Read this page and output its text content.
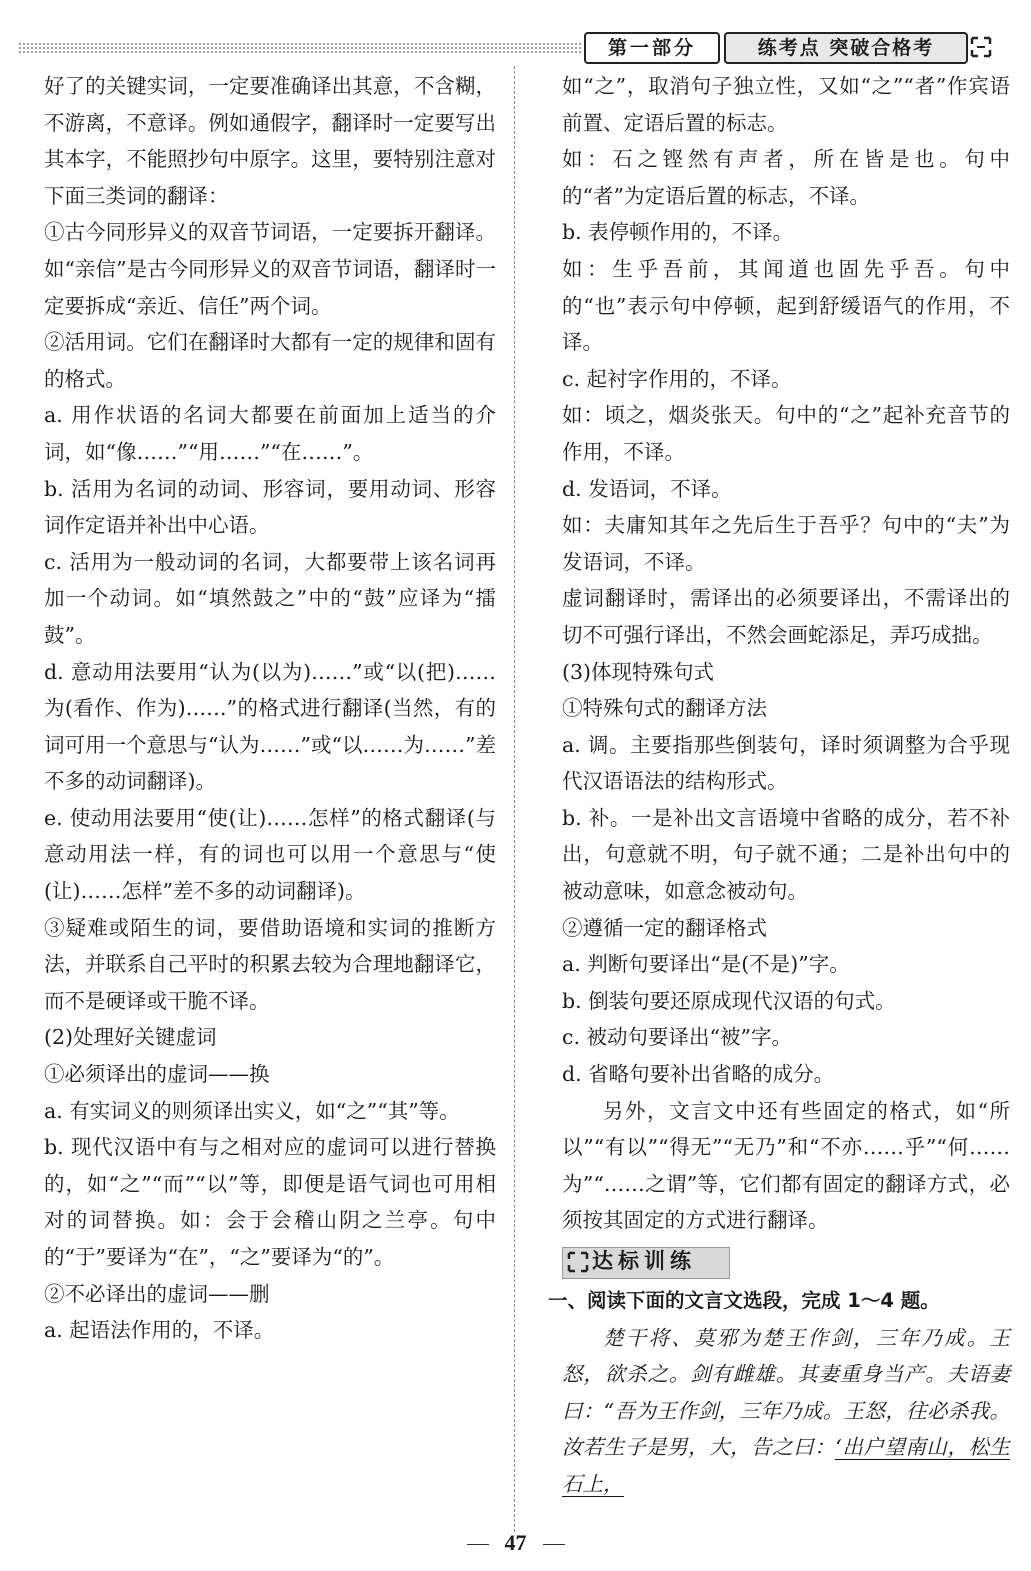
第一部分	练考点 突破合格考

好了的关键实词，一定要准确译出其意，不含糊，不游离，不意译。例如通假字，翻译时一定要写出其本字，不能照抄句中原字。这里，要特别注意对下面三类词的翻译：

①古今同形异义的双音节词语，一定要拆开翻译。如“亲信”是古今同形异义的双音节词语，翻译时一定要拆成“亲近、信任”两个词。

②活用词。它们在翻译时大都有一定的规律和固有的格式。

a. 用作状语的名词大都要在前面加上适当的介词，如“像……”“用……”“在……”。

b. 活用为名词的动词、形容词，要用动词、形容词作定语并补出中心语。

c. 活用为一般动词的名词，大都要带上该名词再加一个动词。如“填然鼓之”中的“鼓”应译为“擂鼓”。

d. 意动用法要用“认为(以为)……”或“以(把)……为(看作、作为)……”的格式进行翻译(当然，有的词可用一个意思与“认为……”或“以……为……”差不多的动词翻译)。

e. 使动用法要用“使(让)……怎样”的格式翻译(与意动用法一样，有的词也可以用一个意思与“使(让)……怎样”差不多的动词翻译)。

③疑难或陌生的词，要借助语境和实词的推断方法，并联系自己平时的积累去较为合理地翻译它，而不是硬译或干脆不译。

(2)处理好关键虚词

①必须译出的虚词——换

a. 有实词义的则须译出实义，如“之”“其”等。

b. 现代汉语中有与之相对应的虚词可以进行替换的，如“之”“而”“以”等，即便是语气词也可用相对的词替换。如：会于会稽山阴之兰亭。句中的“于”要译为“在”，“之”要译为“的”。

②不必译出的虚词——删

a. 起语法作用的，不译。

如“之”，取消句子独立性，又如“之”“者”作宾语前置、定语后置的标志。

如：石之铿然有声者，所在皆是也。句中的“者”为定语后置的标志，不译。

b. 表停顿作用的，不译。

如：生乎吾前，其闻道也固先乎吾。句中的“也”表示句中停顿，起到舒缓语气的作用，不译。

c. 起衬字作用的，不译。

如：顷之，烟炎张天。句中的“之”起补充音节的作用，不译。

d. 发语词，不译。

如：夫庸知其年之先后生于吾乎？句中的“夫”为发语词，不译。

虚词翻译时，需译出的必须要译出，不需译出的切不可强行译出，不然会画蛇添足，弄巧成拙。

(3)体现特殊句式

①特殊句式的翻译方法

a. 调。主要指那些倒装句，译时须调整为合乎现代汉语语法的结构形式。

b. 补。一是补出文言语境中省略的成分，若不补出，句意就不明，句子就不通；二是补出句中的被动意味，如意念被动句。

②遵循一定的翻译格式

a. 判断句要译出“是(不是)”字。

b. 倒装句要还原成现代汉语的句式。

c. 被动句要译出“被”字。

d. 省略句要补出省略的成分。

另外，文言文中还有些固定的格式，如“所以”“有以”“得无”“无乃”和“不亦……乎”“何……为”“……之谓”等，它们都有固定的翻译方式，必须按其固定的方式进行翻译。

达标训练

一、阅读下面的文言文选段，完成 1～4 题。

楚干将、莫邪为楚王作剑，三年乃成。王怒，欲杀之。剑有雌雄。其妻重身当产。夫语妻曰：“吾为王作剑，三年乃成。王怒，往必杀我。汝若生子是男，大，告之曰：‘出户望南山，松生石上，

47
